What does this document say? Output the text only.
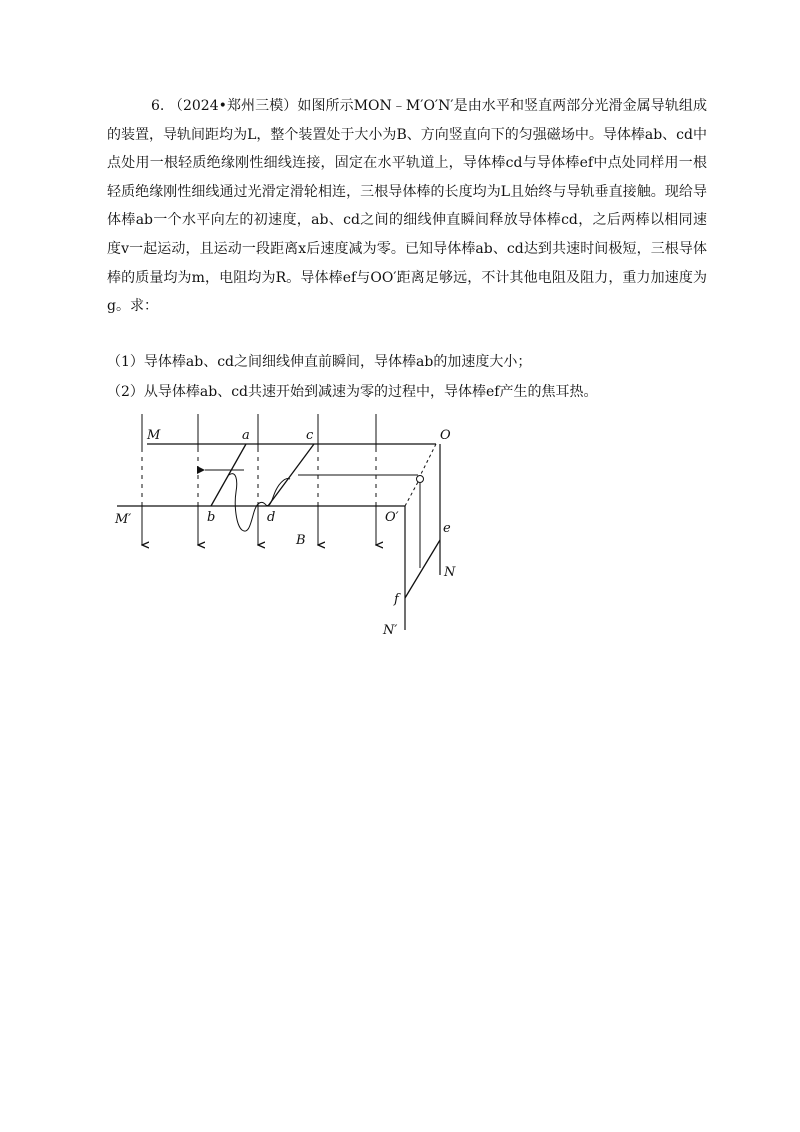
6. （2024•郑州三模）如图所示MON﹣M′O′N′是由水平和竖直两部分光滑金属导轨组成的装置，导轨间距均为L，整个装置处于大小为B、方向竖直向下的匀强磁场中。导体棒ab、cd中点处用一根轻质绝缘刚性细线连接，固定在水平轨道上，导体棒cd与导体棒ef中点处同样用一根轻质绝缘刚性细线通过光滑定滑轮相连，三根导体棒的长度均为L且始终与导轨垂直接触。现给导体棒ab一个水平向左的初速度，ab、cd之间的细线伸直瞬间释放导体棒cd，之后两棒以相同速度v一起运动，且运动一段距离x后速度减为零。已知导体棒ab、cd达到共速时间极短，三根导体棒的质量均为m，电阻均为R。导体棒ef与OO′距离足够远，不计其他电阻及阻力，重力加速度为g。求：

（1）导体棒ab、cd之间细线伸直前瞬间，导体棒ab的加速度大小；
（2）从导体棒ab、cd共速开始到减速为零的过程中，导体棒ef产生的焦耳热。
M	a	c	O
M′	b	d	O′
e
B
N
f
N′
